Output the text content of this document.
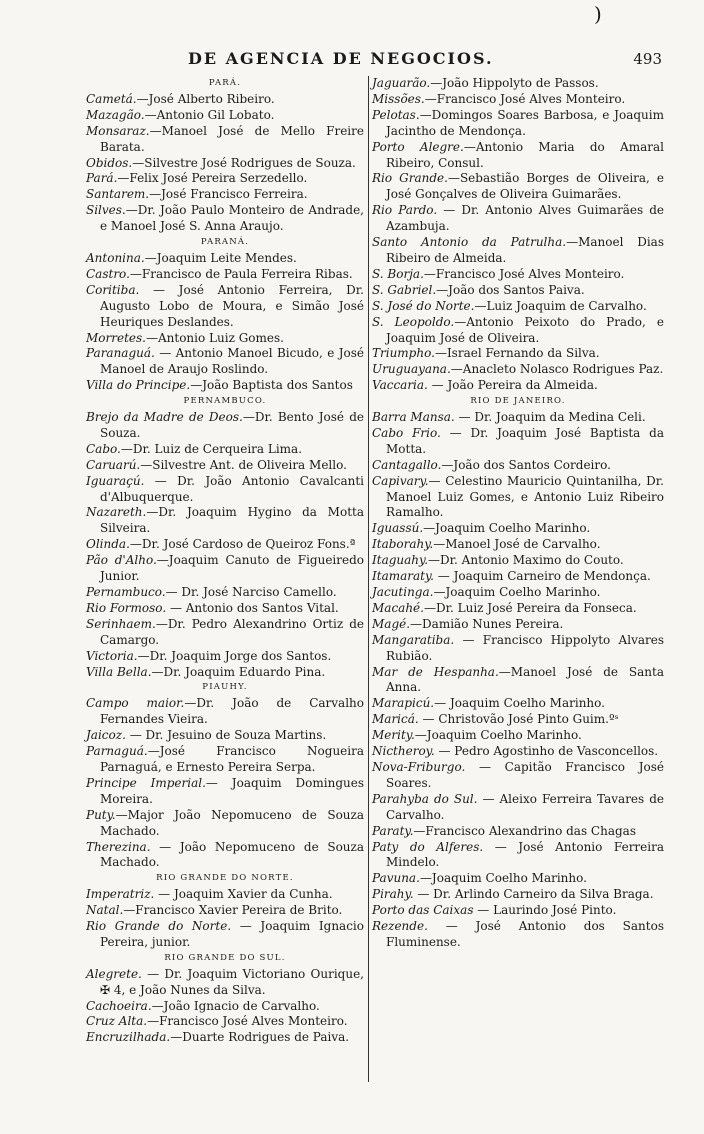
)
DE AGENCIA DE NEGOCIOS.	493
PARÁ.
Cametá.—José Alberto Ribeiro.
Mazagão.—Antonio Gil Lobato.
Monsaraz.—Manoel José de Mello Freire Barata.
Obidos.—Silvestre José Rodrigues de Souza.
Pará.—Felix José Pereira Serzedello.
Santarem.—José Francisco Ferreira.
Silves.—Dr. João Paulo Monteiro de Andrade, e Manoel José S. Anna Araujo.
PARANÁ.
Antonina.—Joaquim Leite Mendes.
Castro.—Francisco de Paula Ferreira Ribas.
Coritiba. — José Antonio Ferreira, Dr. Augusto Lobo de Moura, e Simão José Heuriques Deslandes.
Morretes.—Antonio Luiz Gomes.
Paranaguá. — Antonio Manoel Bicudo, e José Manoel de Araujo Roslindo.
Villa do Principe.—João Baptista dos Santos
PERNAMBUCO.
Brejo da Madre de Deos.—Dr. Bento José de Souza.
Cabo.—Dr. Luiz de Cerqueira Lima.
Caruarú.—Silvestre Ant. de Oliveira Mello.
Iguaraçú. — Dr. João Antonio Cavalcanti d'Albuquerque.
Nazareth.—Dr. Joaquim Hygino da Motta Silveira.
Olinda.—Dr. José Cardoso de Queiroz Fons.ª
Pão d'Alho.—Joaquim Canuto de Figueiredo Junior.
Pernambuco.— Dr. José Narciso Camello.
Rio Formoso. — Antonio dos Santos Vital.
Serinhaem.—Dr. Pedro Alexandrino Ortiz de Camargo.
Victoria.—Dr. Joaquim Jorge dos Santos.
Villa Bella.—Dr. Joaquim Eduardo Pina.
PIAUHY.
Campo maior.—Dr. João de Carvalho Fernandes Vieira.
Jaicoz. — Dr. Jesuino de Souza Martins.
Parnaguá.—José Francisco Nogueira Parnaguá, e Ernesto Pereira Serpa.
Principe Imperial.— Joaquim Domingues Moreira.
Puty.—Major João Nepomuceno de Souza Machado.
Therezina. — João Nepomuceno de Souza Machado.
RIO GRANDE DO NORTE.
Imperatriz. — Joaquim Xavier da Cunha.
Natal.—Francisco Xavier Pereira de Brito.
Rio Grande do Norte. — Joaquim Ignacio Pereira, junior.
RIO GRANDE DO SUL.
Alegrete. — Dr. Joaquim Victoriano Ourique, ✠ 4, e João Nunes da Silva.
Cachoeira.—João Ignacio de Carvalho.
Cruz Alta.—Francisco José Alves Monteiro.
Encruzilhada.—Duarte Rodrigues de Paiva.
Jaguarão.—João Hippolyto de Passos.
Missões.—Francisco José Alves Monteiro.
Pelotas.—Domingos Soares Barbosa, e Joaquim Jacintho de Mendonça.
Porto Alegre.—Antonio Maria do Amaral Ribeiro, Consul.
Rio Grande.—Sebastião Borges de Oliveira, e José Gonçalves de Oliveira Guimarães.
Rio Pardo. — Dr. Antonio Alves Guimarães de Azambuja.
Santo Antonio da Patrulha.—Manoel Dias Ribeiro de Almeida.
S. Borja.—Francisco José Alves Monteiro.
S. Gabriel.—João dos Santos Paiva.
S. José do Norte.—Luiz Joaquim de Carvalho.
S. Leopoldo.—Antonio Peixoto do Prado, e Joaquim José de Oliveira.
Triumpho.—Israel Fernando da Silva.
Uruguayana.—Anacleto Nolasco Rodrigues Paz.
Vaccaria. — João Pereira da Almeida.
RIO DE JANEIRO.
Barra Mansa. — Dr. Joaquim da Medina Celi.
Cabo Frio. — Dr. Joaquim José Baptista da Motta.
Cantagallo.—João dos Santos Cordeiro.
Capivary.— Celestino Mauricio Quintanilha, Dr. Manoel Luiz Gomes, e Antonio Luiz Ribeiro Ramalho.
Iguassú.—Joaquim Coelho Marinho.
Itaborahy.—Manoel José de Carvalho.
Itaguahy.—Dr. Antonio Maximo do Couto.
Itamaraty. — Joaquim Carneiro de Mendonça.
Jacutinga.—Joaquim Coelho Marinho.
Macahé.—Dr. Luiz José Pereira da Fonseca.
Magé.—Damião Nunes Pereira.
Mangaratiba. — Francisco Hippolyto Alvares Rubião.
Mar de Hespanha.—Manoel José de Santa Anna.
Marapicú.— Joaquim Coelho Marinho.
Maricá. — Christovão José Pinto Guim.ºˢ
Merity.—Joaquim Coelho Marinho.
Nictheroy. — Pedro Agostinho de Vasconcellos.
Nova-Friburgo. — Capitão Francisco José Soares.
Parahyba do Sul. — Aleixo Ferreira Tavares de Carvalho.
Paraty.—Francisco Alexandrino das Chagas
Paty do Alferes. — José Antonio Ferreira Mindelo.
Pavuna.—Joaquim Coelho Marinho.
Pirahy. — Dr. Arlindo Carneiro da Silva Braga.
Porto das Caixas — Laurindo José Pinto.
Rezende. — José Antonio dos Santos Fluminense.
